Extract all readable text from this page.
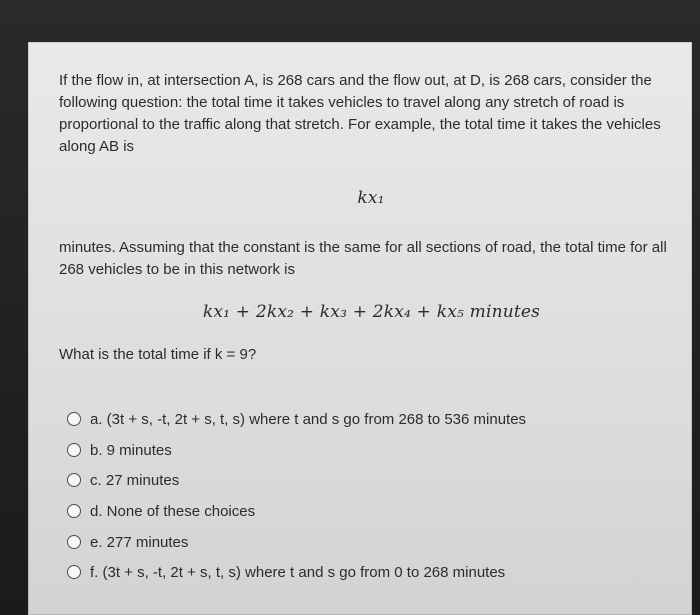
If the flow in, at intersection A, is 268 cars and the flow out, at D, is 268 cars, consider the following question: the total time it takes vehicles to travel along any stretch of road is proportional to the traffic along that stretch. For example, the total time it takes the vehicles along AB is

kx₁

minutes. Assuming that the constant is the same for all sections of road, the total time for all 268 vehicles to be in this network is

kx₁ + 2kx₂ + kx₃ + 2kx₄ + kx₅ minutes

What is the total time if k = 9?

a. (3t + s, -t, 2t + s, t, s) where t and s go from 268 to 536 minutes
b. 9 minutes
c. 27 minutes
d. None of these choices
e. 277 minutes
f. (3t + s, -t, 2t + s, t, s) where t and s go from 0 to 268 minutes
